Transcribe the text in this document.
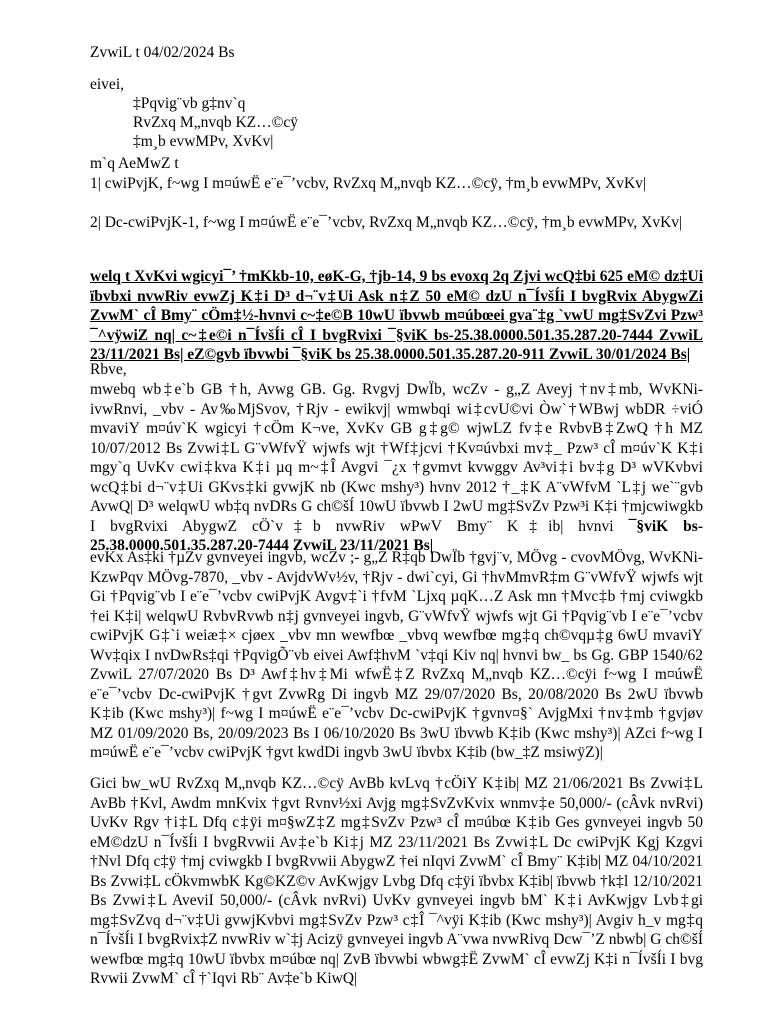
ZvwiL t 04/02/2024 Bs
eivei,
‡Pqvig¨vb g‡nv`q
RvZxq M„nvqb KZ…©cÿ
‡m¸b evwMPv, XvKv|
m`q AeMwZ t
1| cwiPvjK, f~wg I m¤úwË e¨e¯’vcbv, RvZxq M„nvqb KZ…©cÿ, †m¸b evwMPv, XvKv|
2| Dc-cwiPvjK-1, f~wg I m¤úwË e¨e¯’vcbv, RvZxq M„nvqb KZ…©cÿ, †m¸b evwMPv, XvKv|
welq t XvKvi wgicyi¯’ †mKkb-10, eøK-G, †jb-14, 9 bs evoxq 2q Zjvi wcQ‡bi 625 eM© dz‡Ui ïbvbxi nvwRiv evwZj K‡i D³ d¬¨v‡Ui Ask n‡Z 50 eM© dzU n¯ÍvšÍi I bvgRvix AbygwZi ZvwM` cÎ Bmy¨ cÖm‡½-hvnvi c~‡e©B 10wU ïbvwb m¤úbœei gva¨‡g `vwU mg‡SvZvi Pzw³ ¯^vÿwiZ nq| c~‡e©i n¯ÍvšÍi cÎ I bvgRvixi ¯§viK bs-25.38.0000.501.35.287.20-7444 ZvwiL 23/11/2021 Bs| eZ©gvb ïbvwbi ¯§viK bs 25.38.0000.501.35.287.20-911 ZvwiL 30/01/2024 Bs|
Rbve,
mwebq wb‡e`b GB †h, Avwg GB. Gg. Rvgvj DwÏb, wcZv - g„Z Aveyj †nv‡mb, WvKNi-ivwRnvi, _vbv - Av‰MjSvov, †Rjv - ewikvj| wmwbqi wi‡cvU©vi Òw`†WBwj wbDR ÷viÓ mvaviY m¤úv`K wgicyi †cÖm K¬ve, XvKv GB g‡g© wjwLZ fv‡e RvbvB‡ZwQ †h MZ 10/07/2012 Bs Zvwi‡L G¨vWfvŸ wjwfs wjt †Wf‡jcvi †Kv¤úvbxi mv‡_ Pzw³ cÎ m¤úv`K K‡i mgy`q UvKv cwi‡kva K‡i µq m~‡Î Avgvi ¯¿x †gvmvt kvwggv Av³vi‡i bv‡g D³ wVKvbvi wcQ‡bi d¬¨v‡Ui GKvs‡ki gvwjK nb (Kwc mshy³) hvnv 2012 †_‡K A¨vWfvM `L‡j we`¨gvb AvwQ| D³ welqwU wb‡q nvDRs G ch©šÍ 10wU ïbvwb I 2wU mg‡SvZv Pzw³i K‡i †mjcwiwgkb I bvgRvixi AbygwZ cÖ`v‡b nvwRiv wPwV Bmy¨ K‡ib| hvnvi ¯§viK bs-25.38.0000.501.35.287.20-7444 ZvwiL 23/11/2021 Bs|
evKx As‡ki †µZv gvnveyei ingvb, wcZv ;- g„Z R‡qb DwÏb †gvj¨v, MÖvg - cvovMÖvg, WvKNi- KzwPqv MÖvg-7870, _vbv - AvjdvWv½v, †Rjv - dwi`cyi, Gi †hvMmvR‡m G¨vWfvŸ wjwfs wjt Gi †Pqvig¨vb I e¨e¯’vcbv cwiPvjK Avgv‡`i †fvM `Ljxq µqK…Z Ask mn †Mvc‡b †mj cviwgkb †ei K‡i| welqwU RvbvRvwb n‡j gvnveyei ingvb, G¨vWfvŸ wjwfs wjt Gi †Pqvig¨vb I e¨e¯’vcbv cwiPvjK G‡`i weiæ‡× cjøex _vbv mn wewfbœ _vbvq wewfbœ mg‡q ch©vqµ‡g 6wU mvaviY Wv‡qix I nvDwRs‡qi †PqvigÕ¨vb eivei Awf‡hvM `v‡qi Kiv nq| hvnvi bw_ bs Gg. GBP 1540/62 ZvwiL 27/07/2020 Bs D³ Awf‡hv‡Mi wfwË‡Z RvZxq M„nvqb KZ…©cÿi f~wg I m¤úwË e¨e¯’vcbv Dc-cwiPvjK †gvt ZvwRg Di ingvb MZ 29/07/2020 Bs, 20/08/2020 Bs 2wU ïbvwb K‡ib (Kwc mshy³)| f~wg I m¤úwË e¨e¯’vcbv Dc-cwiPvjK †gvnv¤§` AvjgMxi †nv‡mb †gvjøv MZ 01/09/2020 Bs, 20/09/2023 Bs I 06/10/2020 Bs 3wU ïbvwb K‡ib (Kwc mshy³)| AZci f~wg I m¤úwË e¨e¯’vcbv cwiPvjK †gvt kwdDi ingvb 3wU ïbvbx K‡ib (bw_‡Z msiwÿZ)|
Gici bw_wU RvZxq M„nvqb KZ…©cÿ AvBb kvLvq †cÖiY K‡ib| MZ 21/06/2021 Bs Zvwi‡L AvBb †Kvl, Awdm mnKvix †gvt Rvnv½xi Avjg mg‡SvZvKvix wnmv‡e 50,000/- (cÂvk nvRvi) UvKv Rgv †i‡L Dfq c‡ÿi m¤§wZ‡Z mg‡SvZv Pzw³ cÎ m¤úbœ K‡ib Ges gvnveyei ingvb 50 eM©dzU n¯ÍvšÍi I bvgRvwii Av‡e`b Ki‡j MZ 23/11/2021 Bs Zvwi‡L Dc cwiPvjK Kgj Kzgvi †Nvl Dfq c‡ÿ †mj cviwgkb I bvgRvwii AbygwZ †ei nIqvi ZvwM` cÎ Bmy¨ K‡ib| MZ 04/10/2021 Bs Zvwi‡L cÖkvmwbK Kg©KZ©v AvKwjgv Lvbg Dfq c‡ÿi ïbvbx K‡ib| ïbvwb †k‡l 12/10/2021 Bs Zvwi‡L AveviI 50,000/- (cÂvk nvRvi) UvKv gvnveyei ingvb bM` K‡i AvKwjgv Lvb‡gi mg‡SvZvq d¬¨v‡Ui gvwjKvbvi mg‡SvZv Pzw³ c‡Î ¯^vÿi K‡ib (Kwc mshy³)| Avgiv h_v mg‡q n¯ÍvšÍi I bvgRvix‡Z nvwRiv w`‡j Acizÿ gvnveyei ingvb A¨vwa nvwRivq Dcw¯’Z nbwb| G ch©šÍ wewfbœ mg‡q 10wU ïbvbx m¤úbœ nq| ZvB ïbvwbi wbwg‡Ë ZvwM` cÎ evwZj K‡i n¯ÍvšÍi I bvg Rvwii ZvwM` cÎ †`Iqvi Rb¨ Av‡e`b KiwQ|
